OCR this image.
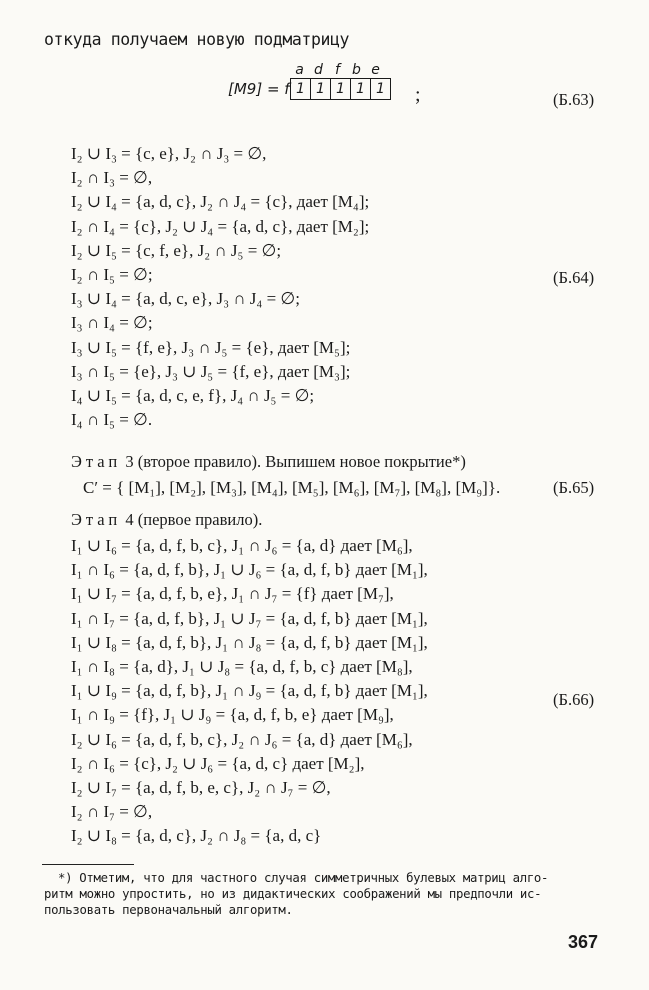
откуда получаем новую подматрицу
[M9] = f
a d f b e
1 1 1 1 1 ;	(Б.63)
I₂ ∪ I₃ = {c, e}, J₂ ∩ J₃ = ∅,
I₂ ∩ I₃ = ∅,
I₂ ∪ I₄ = {a, d, c}, J₂ ∩ J₄ = {c}, дает [M₄];
I₂ ∩ I₄ = {c}, J₂ ∪ J₄ = {a, d, c}, дает [M₂];
I₂ ∪ I₅ = {c, f, e}, J₂ ∩ J₅ = ∅;
I₂ ∩ I₅ = ∅;
I₃ ∪ I₄ = {a, d, c, e}, J₃ ∩ J₄ = ∅;
I₃ ∩ I₄ = ∅;
I₃ ∪ I₅ = {f, e}, J₃ ∩ J₅ = {e}, дает [M₅];
I₃ ∩ I₅ = {e}, J₃ ∪ J₅ = {f, e}, дает [M₃];
I₄ ∪ I₅ = {a, d, c, e, f}, J₄ ∩ J₅ = ∅;
I₄ ∩ I₅ = ∅.
(Б.64)
Этап 3 (второе правило). Выпишем новое покрытие*)
C′ = { [M₁], [M₂], [M₃], [M₄], [M₅], [M₆], [M₇], [M₈], [M₉]}.	(Б.65)
Этап 4 (первое правило).
I₁ ∪ I₆ = {a, d, f, b, c}, J₁ ∩ J₆ = {a, d} дает [M₆],
I₁ ∩ I₆ = {a, d, f, b}, J₁ ∪ J₆ = {a, d, f, b} дает [M₁],
I₁ ∪ I₇ = {a, d, f, b, e}, J₁ ∩ J₇ = {f} дает [M₇],
I₁ ∩ I₇ = {a, d, f, b}, J₁ ∪ J₇ = {a, d, f, b} дает [M₁],
I₁ ∪ I₈ = {a, d, f, b}, J₁ ∩ J₈ = {a, d, f, b} дает [M₁],
I₁ ∩ I₈ = {a, d}, J₁ ∪ J₈ = {a, d, f, b, c} дает [M₈],
I₁ ∪ I₉ = {a, d, f, b}, J₁ ∩ J₉ = {a, d, f, b} дает [M₁],
I₁ ∩ I₉ = {f}, J₁ ∪ J₉ = {a, d, f, b, e} дает [M₉],
I₂ ∪ I₆ = {a, d, f, b, c}, J₂ ∩ J₆ = {a, d} дает [M₆],
I₂ ∩ I₆ = {c}, J₂ ∪ J₆ = {a, d, c} дает [M₂],
I₂ ∪ I₇ = {a, d, f, b, e, c}, J₂ ∩ J₇ = ∅,
I₂ ∩ I₇ = ∅,
I₂ ∪ I₈ = {a, d, c}, J₂ ∩ J₈ = {a, d, c}
(Б.66)
*) Отметим, что для частного случая симметричных булевых матриц алго-
ритм можно упростить, но из дидактических соображений мы предпочли ис-
пользовать первоначальный алгоритм.
367
